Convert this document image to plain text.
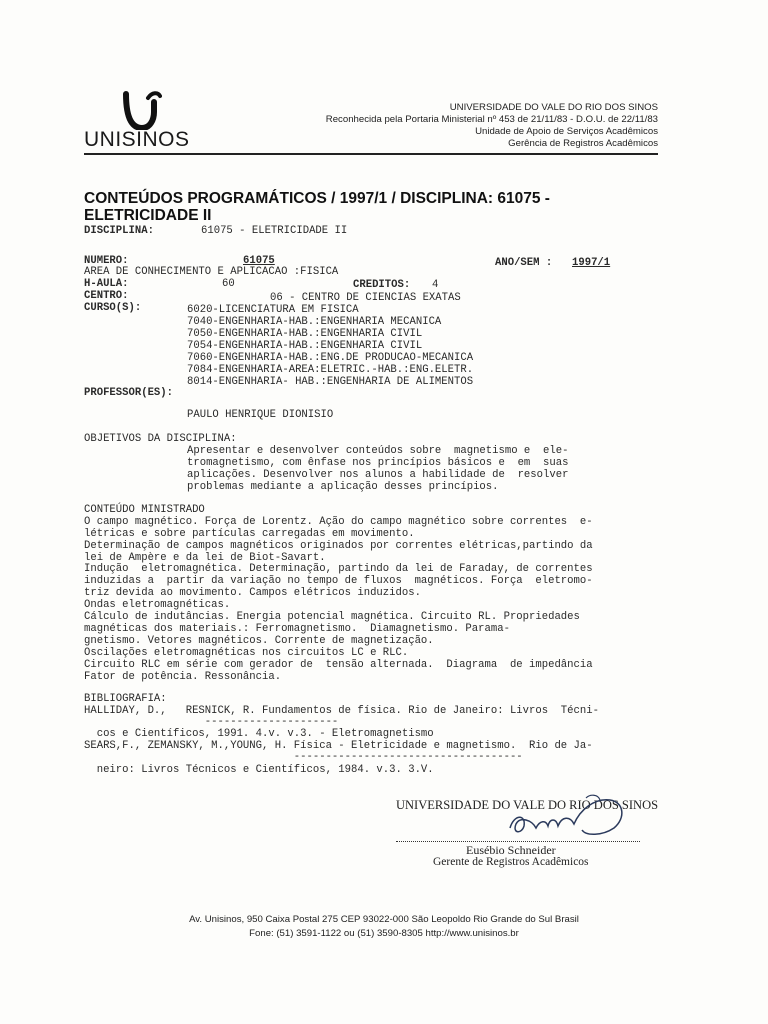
UNISINOS
UNIVERSIDADE DO VALE DO RIO DOS SINOS
Reconhecida pela Portaria Ministerial nº 453 de 21/11/83 - D.O.U. de 22/11/83
Unidade de Apoio de Serviços Acadêmicos
Gerência de Registros Acadêmicos
CONTEÚDOS PROGRAMÁTICOS / 1997/1 / DISCIPLINA: 61075 -
ELETRICIDADE II
DISCIPLINA:	61075 - ELETRICIDADE II
NUMERO:	61075	ANO/SEM : 1997/1
AREA DE CONHECIMENTO E APLICACAO :FISICA
H-AULA:	60	CREDITOS: 4
CENTRO:	06 - CENTRO DE CIENCIAS EXATAS
CURSO(S):	6020-LICENCIATURA EM FISICA
7040-ENGENHARIA-HAB.:ENGENHARIA MECANICA
7050-ENGENHARIA-HAB.:ENGENHARIA CIVIL
7054-ENGENHARIA-HAB.:ENGENHARIA CIVIL
7060-ENGENHARIA-HAB.:ENG.DE PRODUCAO-MECANICA
7084-ENGENHARIA-AREA:ELETRIC.-HAB.:ENG.ELETR.
8014-ENGENHARIA- HAB.:ENGENHARIA DE ALIMENTOS
PROFESSOR(ES):
PAULO HENRIQUE DIONISIO
OBJETIVOS DA DISCIPLINA:
Apresentar e desenvolver conteúdos sobre  magnetismo e  ele-
tromagnetismo, com ênfase nos princípios básicos e  em  suas
aplicações. Desenvolver nos alunos a habilidade de  resolver
problemas mediante a aplicação desses princípios.
CONTEÚDO MINISTRADO
O campo magnético. Força de Lorentz. Ação do campo magnético sobre correntes  e-
létricas e sobre partículas carregadas em movimento.
Determinação de campos magnéticos originados por correntes elétricas,partindo da
lei de Ampère e da lei de Biot-Savart.
Indução  eletromagnética. Determinação, partindo da lei de Faraday, de correntes
induzidas a  partir da variação no tempo de fluxos  magnéticos. Força  eletromo-
triz devida ao movimento. Campos elétricos induzidos.
Ondas eletromagnéticas.
Cálculo de indutâncias. Energia potencial magnética. Circuito RL. Propriedades
magnéticas dos materiais.: Ferromagnetismo.  Diamagnetismo. Parama-
gnetismo. Vetores magnéticos. Corrente de magnetização.
Oscilações eletromagnéticas nos circuitos LC e RLC.
Circuito RLC em série com gerador de  tensão alternada.  Diagrama  de impedância
Fator de potência. Ressonância.
BIBLIOGRAFIA:
HALLIDAY, D.,   RESNICK, R. Fundamentos de física. Rio de Janeiro: Livros  Técni-
---------------------
cos e Científicos, 1991. 4.v. v.3. - Eletromagnetismo
SEARS,F., ZEMANSKY, M.,YOUNG, H. Física - Eletricidade e magnetismo.  Rio de Ja-
------------------------------------
neiro: Livros Técnicos e Científicos, 1984. v.3. 3.V.
UNIVERSIDADE DO VALE DO RIO DOS SINOS
Eusébio Schneider
Gerente de Registros Acadêmicos
Av. Unisinos, 950 Caixa Postal 275 CEP 93022-000 São Leopoldo Rio Grande do Sul Brasil
Fone: (51) 3591-1122 ou (51) 3590-8305 http://www.unisinos.br
